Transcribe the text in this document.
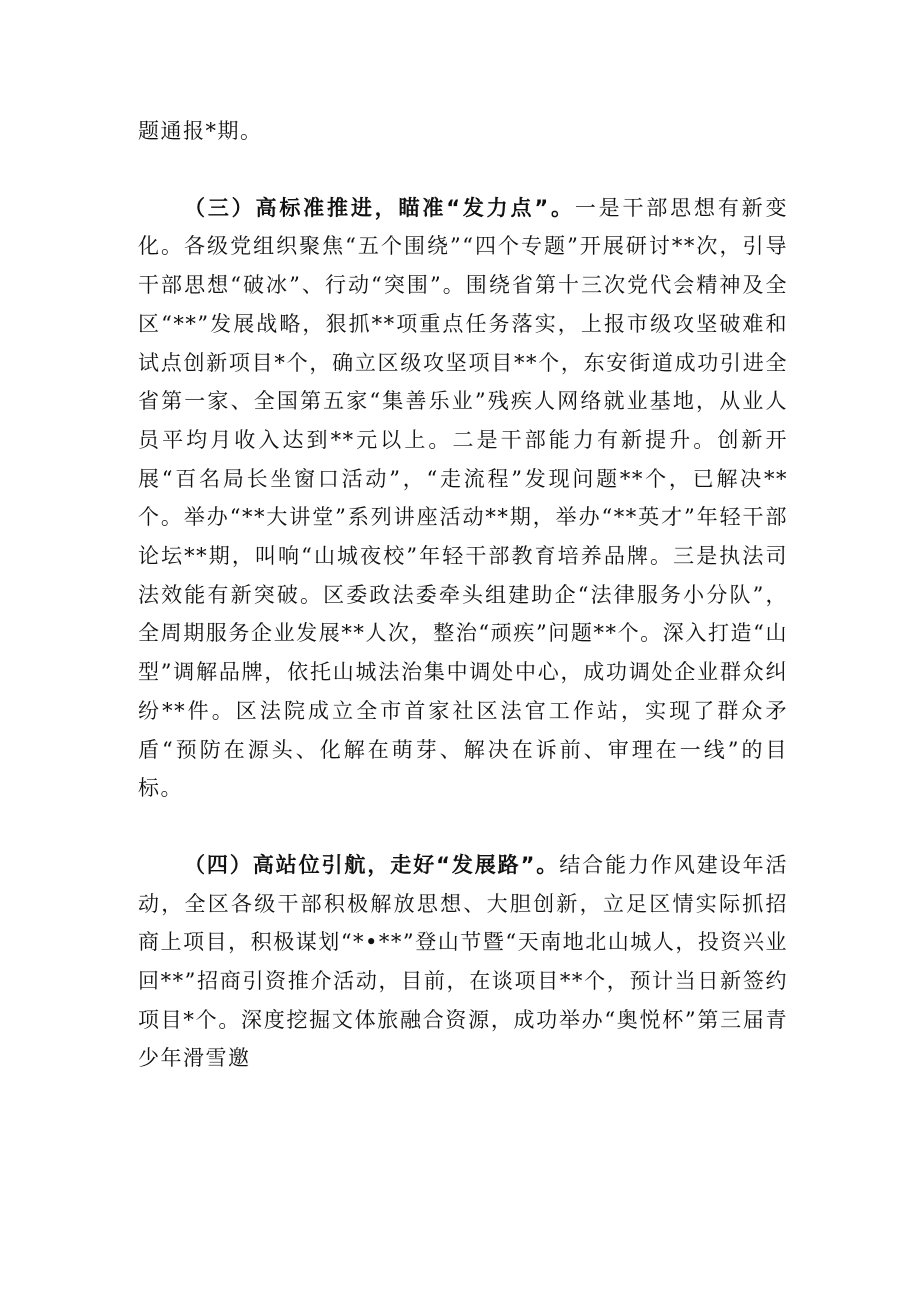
题通报*期。

（三）高标准推进，瞄准“发力点”。一是干部思想有新变化。各级党组织聚焦“五个围绕”“四个专题”开展研讨**次，引导干部思想“破冰”、行动“突围”。围绕省第十三次党代会精神及全区“**”发展战略，狠抓**项重点任务落实，上报市级攻坚破难和试点创新项目*个，确立区级攻坚项目**个，东安街道成功引进全省第一家、全国第五家“集善乐业”残疾人网络就业基地，从业人员平均月收入达到**元以上。二是干部能力有新提升。创新开展“百名局长坐窗口活动”，“走流程”发现问题**个，已解决**个。举办“**大讲堂”系列讲座活动**期，举办“**英才”年轻干部论坛**期，叫响“山城夜校”年轻干部教育培养品牌。三是执法司法效能有新突破。区委政法委牵头组建助企“法律服务小分队”，全周期服务企业发展**人次，整治“顽疾”问题**个。深入打造“山型”调解品牌，依托山城法治集中调处中心，成功调处企业群众纠纷**件。区法院成立全市首家社区法官工作站，实现了群众矛盾“预防在源头、化解在萌芽、解决在诉前、审理在一线”的目标。

（四）高站位引航，走好“发展路”。结合能力作风建设年活动，全区各级干部积极解放思想、大胆创新，立足区情实际抓招商上项目，积极谋划“*•**”登山节暨“天南地北山城人，投资兴业回**”招商引资推介活动，目前，在谈项目**个，预计当日新签约项目*个。深度挖掘文体旅融合资源，成功举办“奥悦杯”第三届青少年滑雪邀
